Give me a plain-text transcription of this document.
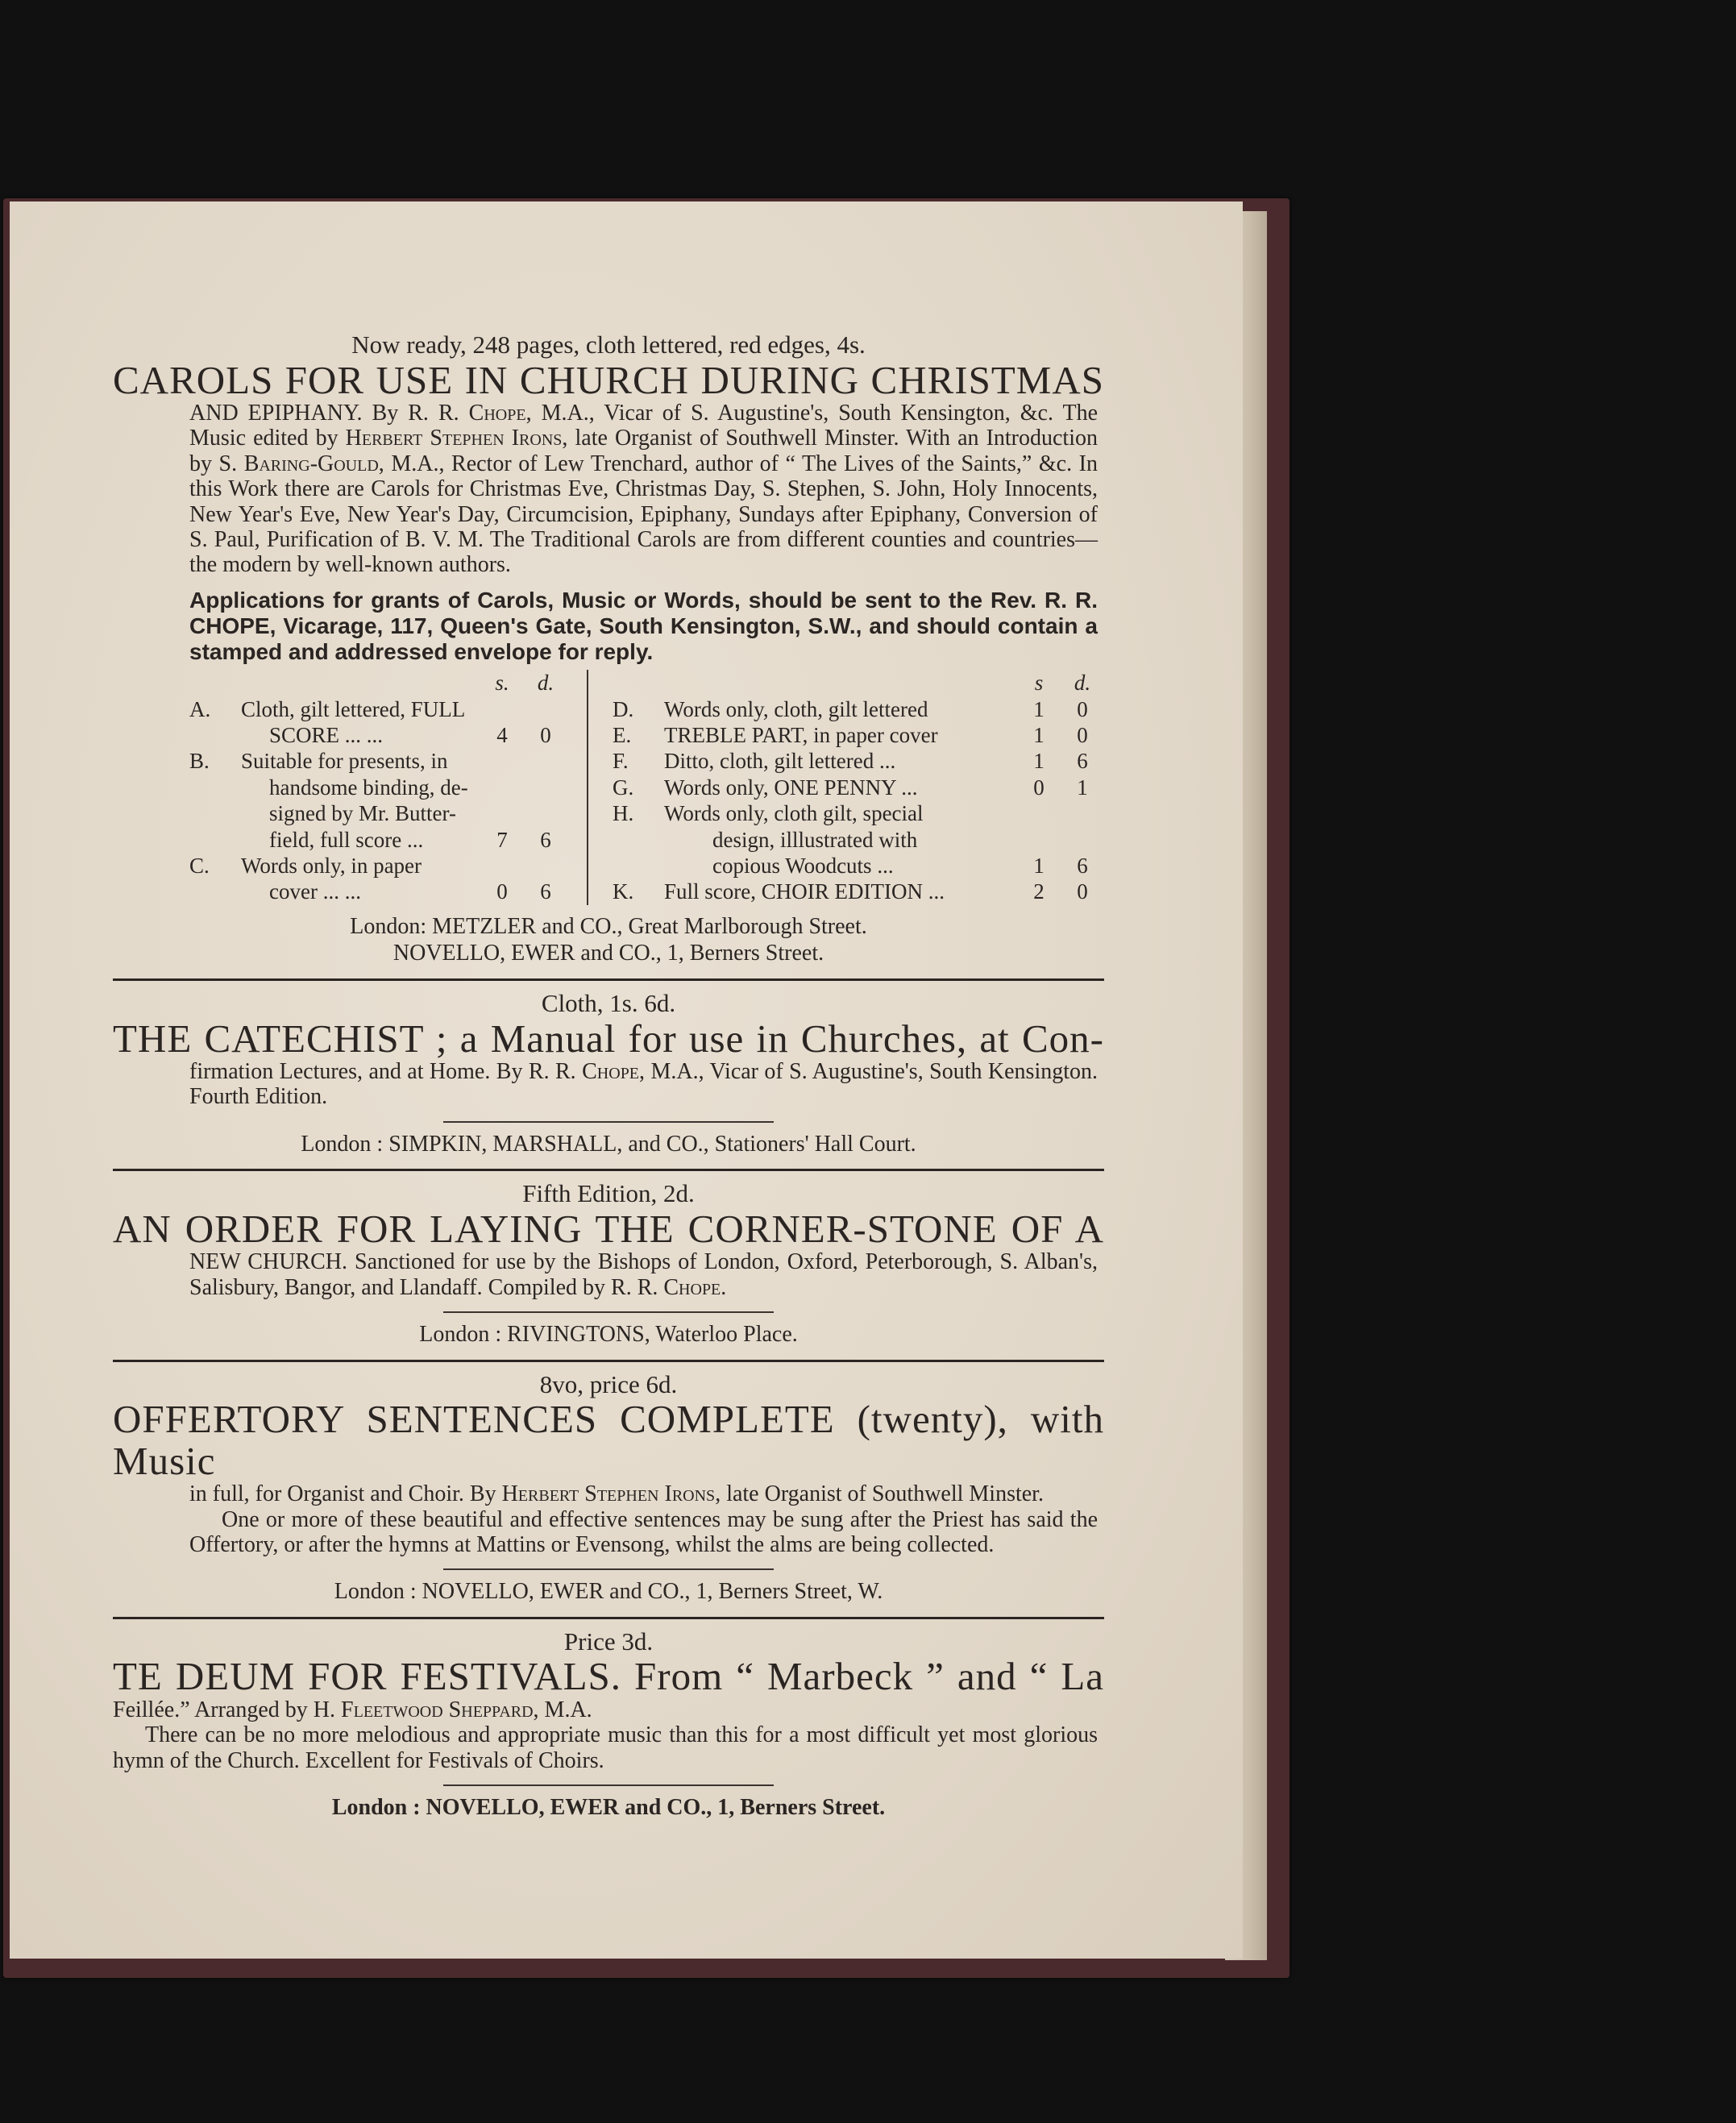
Now ready, 248 pages, cloth lettered, red edges, 4s.

CAROLS FOR USE IN CHURCH DURING CHRISTMAS

AND EPIPHANY. By R. R. Chope, M.A., Vicar of S. Augustine's, South Kensington, &c. The Music edited by Herbert Stephen Irons, late Organist of Southwell Minster. With an Introduction by S. Baring-Gould, M.A., Rector of Lew Trenchard, author of “ The Lives of the Saints,” &c. In this Work there are Carols for Christmas Eve, Christmas Day, S. Stephen, S. John, Holy Innocents, New Year's Eve, New Year's Day, Circumcision, Epiphany, Sundays after Epiphany, Conversion of S. Paul, Purification of B. V. M. The Traditional Carols are from different counties and countries—the modern by well-known authors.

Applications for grants of Carols, Music or Words, should be sent to the Rev. R. R. CHOPE, Vicarage, 117, Queen's Gate, South Kensington, S.W., and should contain a stamped and addressed envelope for reply.

s.	d.
A.	Cloth, gilt lettered, FULL
SCORE ... ...	4	0
B.	Suitable for presents, in
handsome binding, de-
signed by Mr. Butter-
field, full score ...	7	6
C.	Words only, in paper
cover ... ...	0	6
s	d.
D.	Words only, cloth, gilt lettered	1	0
E.	TREBLE PART, in paper cover	1	0
F.	Ditto, cloth, gilt lettered ...	1	6
G.	Words only, ONE PENNY ...	0	1
H.	Words only, cloth gilt, special
design, illlustrated with
copious Woodcuts ...	1	6
K.	Full score, CHOIR EDITION ...	2	0

London: METZLER and CO., Great Marlborough Street.

NOVELLO, EWER and CO., 1, Berners Street.

Cloth, 1s. 6d.

THE CATECHIST ; a Manual for use in Churches, at Con-

firmation Lectures, and at Home. By R. R. Chope, M.A., Vicar of S. Augustine's, South Kensington. Fourth Edition.

London : SIMPKIN, MARSHALL, and CO., Stationers' Hall Court.

Fifth Edition, 2d.

AN ORDER FOR LAYING THE CORNER-STONE OF A

NEW CHURCH. Sanctioned for use by the Bishops of London, Oxford, Peterborough, S. Alban's, Salisbury, Bangor, and Llandaff. Compiled by R. R. Chope.

London : RIVINGTONS, Waterloo Place.

8vo, price 6d.

OFFERTORY SENTENCES COMPLETE (twenty), with Music

in full, for Organist and Choir. By Herbert Stephen Irons, late Organist of Southwell Minster.

One or more of these beautiful and effective sentences may be sung after the Priest has said the Offertory, or after the hymns at Mattins or Evensong, whilst the alms are being collected.

London : NOVELLO, EWER and CO., 1, Berners Street, W.

Price 3d.

TE DEUM FOR FESTIVALS. From “ Marbeck ” and “ La

Feillée.” Arranged by H. Fleetwood Sheppard, M.A.

There can be no more melodious and appropriate music than this for a most difficult yet most glorious hymn of the Church. Excellent for Festivals of Choirs.

London : NOVELLO, EWER and CO., 1, Berners Street.
